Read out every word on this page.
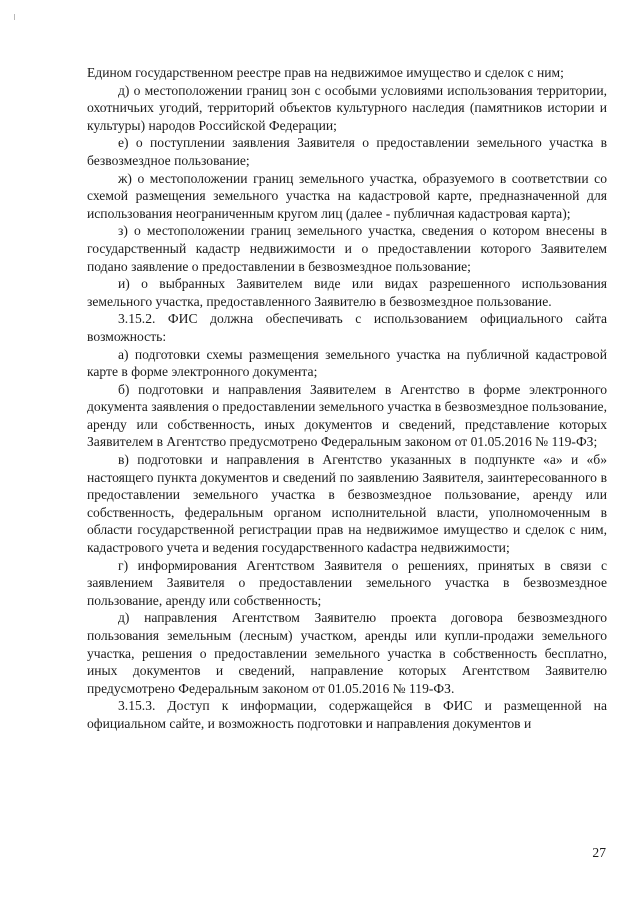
Едином государственном реестре прав на недвижимое имущество и сделок с ним;

д) о местоположении границ зон с особыми условиями использования территории, охотничьих угодий, территорий объектов культурного наследия (памятников истории и культуры) народов Российской Федерации;

е) о поступлении заявления Заявителя о предоставлении земельного участка в безвозмездное пользование;

ж) о местоположении границ земельного участка, образуемого в соответствии со схемой размещения земельного участка на кадастровой карте, предназначенной для использования неограниченным кругом лиц (далее - публичная кадастровая карта);

з) о местоположении границ земельного участка, сведения о котором внесены в государственный кадастр недвижимости и о предоставлении которого Заявителем подано заявление о предоставлении в безвозмездное пользование;

и) о выбранных Заявителем виде или видах разрешенного использования земельного участка, предоставленного Заявителю в безвозмездное пользование.

3.15.2. ФИС должна обеспечивать с использованием официального сайта возможность:

а) подготовки схемы размещения земельного участка на публичной кадастровой карте в форме электронного документа;

б) подготовки и направления Заявителем в Агентство в форме электронного документа заявления о предоставлении земельного участка в безвозмездное пользование, аренду или собственность, иных документов и сведений, представление которых Заявителем в Агентство предусмотрено Федеральным законом от 01.05.2016 № 119-ФЗ;

в) подготовки и направления в Агентство указанных в подпункте «а» и «б» настоящего пункта документов и сведений по заявлению Заявителя, заинтересованного в предоставлении земельного участка в безвозмездное пользование, аренду или собственность, федеральным органом исполнительной власти, уполномоченным в области государственной регистрации прав на недвижимое имущество и сделок с ним, кадастрового учета и ведения государственного каdастра недвижимости;

г) информирования Агентством Заявителя о решениях, принятых в связи с заявлением Заявителя о предоставлении земельного участка в безвозмездное пользование, аренду или собственность;

д) направления Агентством Заявителю проекта договора безвозмездного пользования земельным (лесным) участком, аренды или купли-продажи земельного участка, решения о предоставлении земельного участка в собственность бесплатно, иных документов и сведений, направление которых Агентством Заявителю предусмотрено Федеральным законом от 01.05.2016 № 119-ФЗ.

3.15.3. Доступ к информации, содержащейся в ФИС и размещенной на официальном сайте, и возможность подготовки и направления документов и

27
